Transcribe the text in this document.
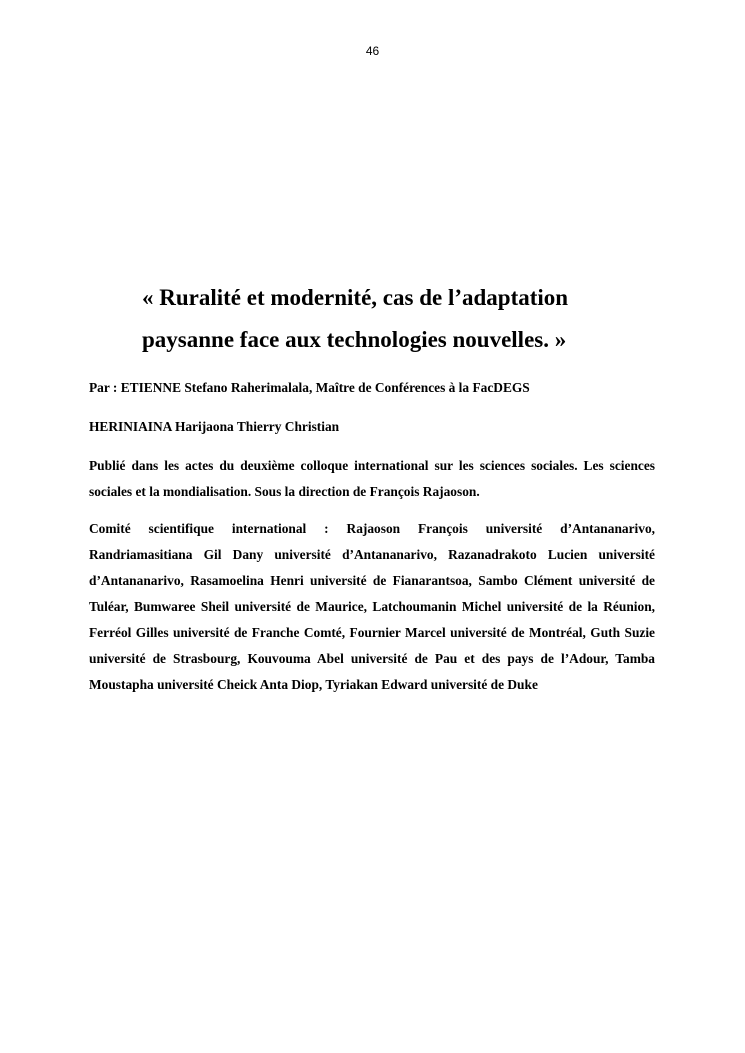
46
« Ruralité et modernité, cas de l’adaptation
paysanne face aux technologies nouvelles. »

Par : ETIENNE Stefano Raherimalala, Maître de Conférences à la FacDEGS

HERINIAINA Harijaona Thierry Christian

Publié dans les actes du deuxième colloque international sur les sciences sociales. Les sciences sociales et la mondialisation. Sous la direction de François Rajaoson.

Comité scientifique international : Rajaoson François université d’Antananarivo, Randriamasitiana Gil Dany université d’Antananarivo, Razanadrakoto Lucien université d’Antananarivo, Rasamoelina Henri université de Fianarantsoa, Sambo Clément université de Tuléar, Bumwaree Sheil université de Maurice, Latchoumanin Michel université de la Réunion, Ferréol Gilles université de Franche Comté, Fournier Marcel université de Montréal, Guth Suzie université de Strasbourg, Kouvouma Abel université de Pau et des pays de l’Adour, Tamba Moustapha université Cheick Anta Diop, Tyriakan Edward université de Duke
